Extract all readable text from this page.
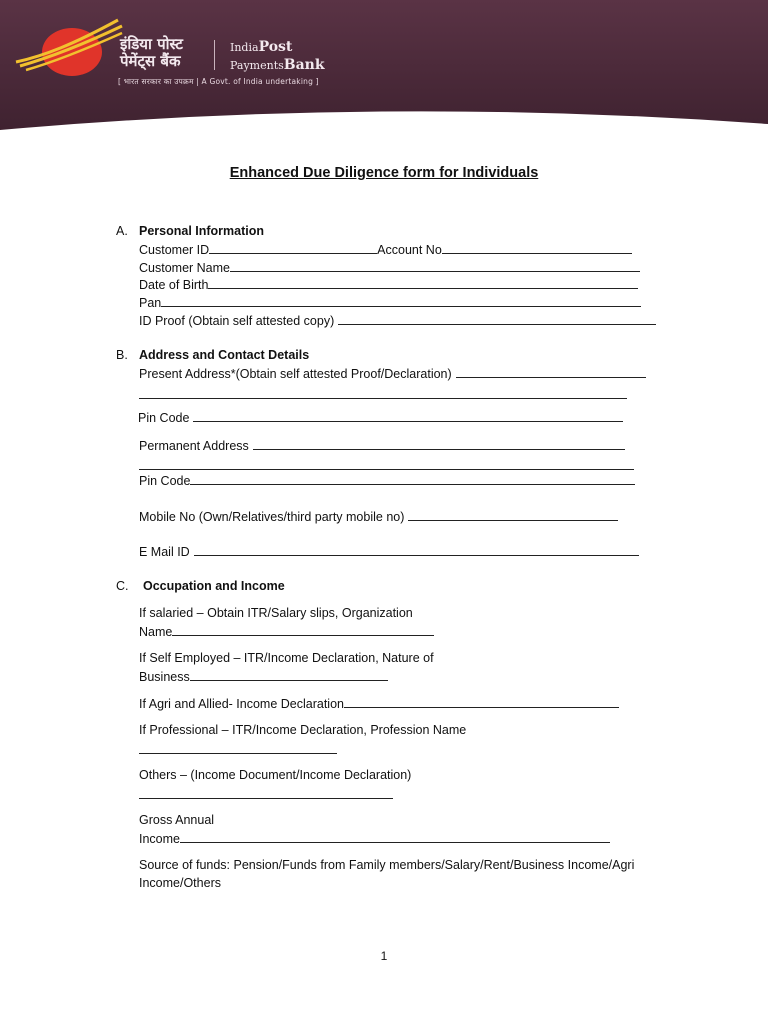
इंडिया पोस्ट
पेमेंट्स बैंक
IndiaPost
PaymentsBank
[ भारत सरकार का उपक्रम | A Govt. of India undertaking ]
Enhanced Due Diligence form for Individuals
A. Personal Information
Customer ID	Account No
Customer Name
Date of Birth
Pan
ID Proof (Obtain self attested copy)
B. Address and Contact Details
Present Address*(Obtain self attested Proof/Declaration)
Pin Code
Permanent Address
Pin Code
Mobile No (Own/Relatives/third party mobile no)
E Mail ID
C. Occupation and Income
If salaried – Obtain ITR/Salary slips, Organization
Name
If Self Employed – ITR/Income Declaration, Nature of
Business
If Agri and Allied- Income Declaration
If Professional – ITR/Income Declaration, Profession Name
Others – (Income Document/Income Declaration)
Gross Annual
Income
Source of funds: Pension/Funds from Family members/Salary/Rent/Business Income/Agri
Income/Others
1
